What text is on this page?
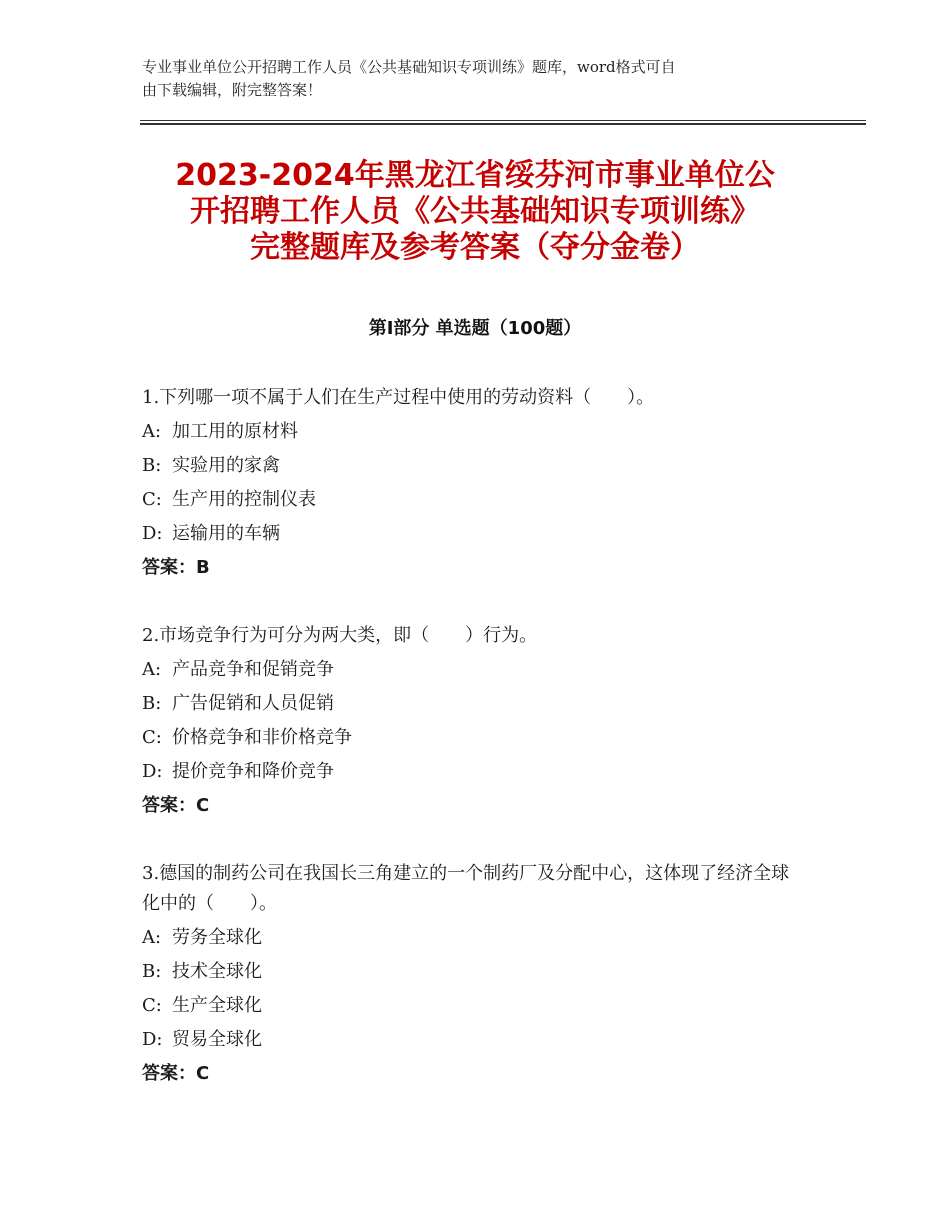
专业事业单位公开招聘工作人员《公共基础知识专项训练》题库，word格式可自
由下载编辑，附完整答案！
2023-2024年黑龙江省绥芬河市事业单位公
开招聘工作人员《公共基础知识专项训练》
完整题库及参考答案（夺分金卷）
第Ⅰ部分 单选题（100题）
1.下列哪一项不属于人们在生产过程中使用的劳动资料（　　）。
A: 加工用的原材料
B: 实验用的家禽
C: 生产用的控制仪表
D: 运输用的车辆
答案：B
2.市场竞争行为可分为两大类，即（　　）行为。
A: 产品竞争和促销竞争
B: 广告促销和人员促销
C: 价格竞争和非价格竞争
D: 提价竞争和降价竞争
答案：C
3.德国的制药公司在我国长三角建立的一个制药厂及分配中心，这体现了经济全球化中的（　　）。
A: 劳务全球化
B: 技术全球化
C: 生产全球化
D: 贸易全球化
答案：C
